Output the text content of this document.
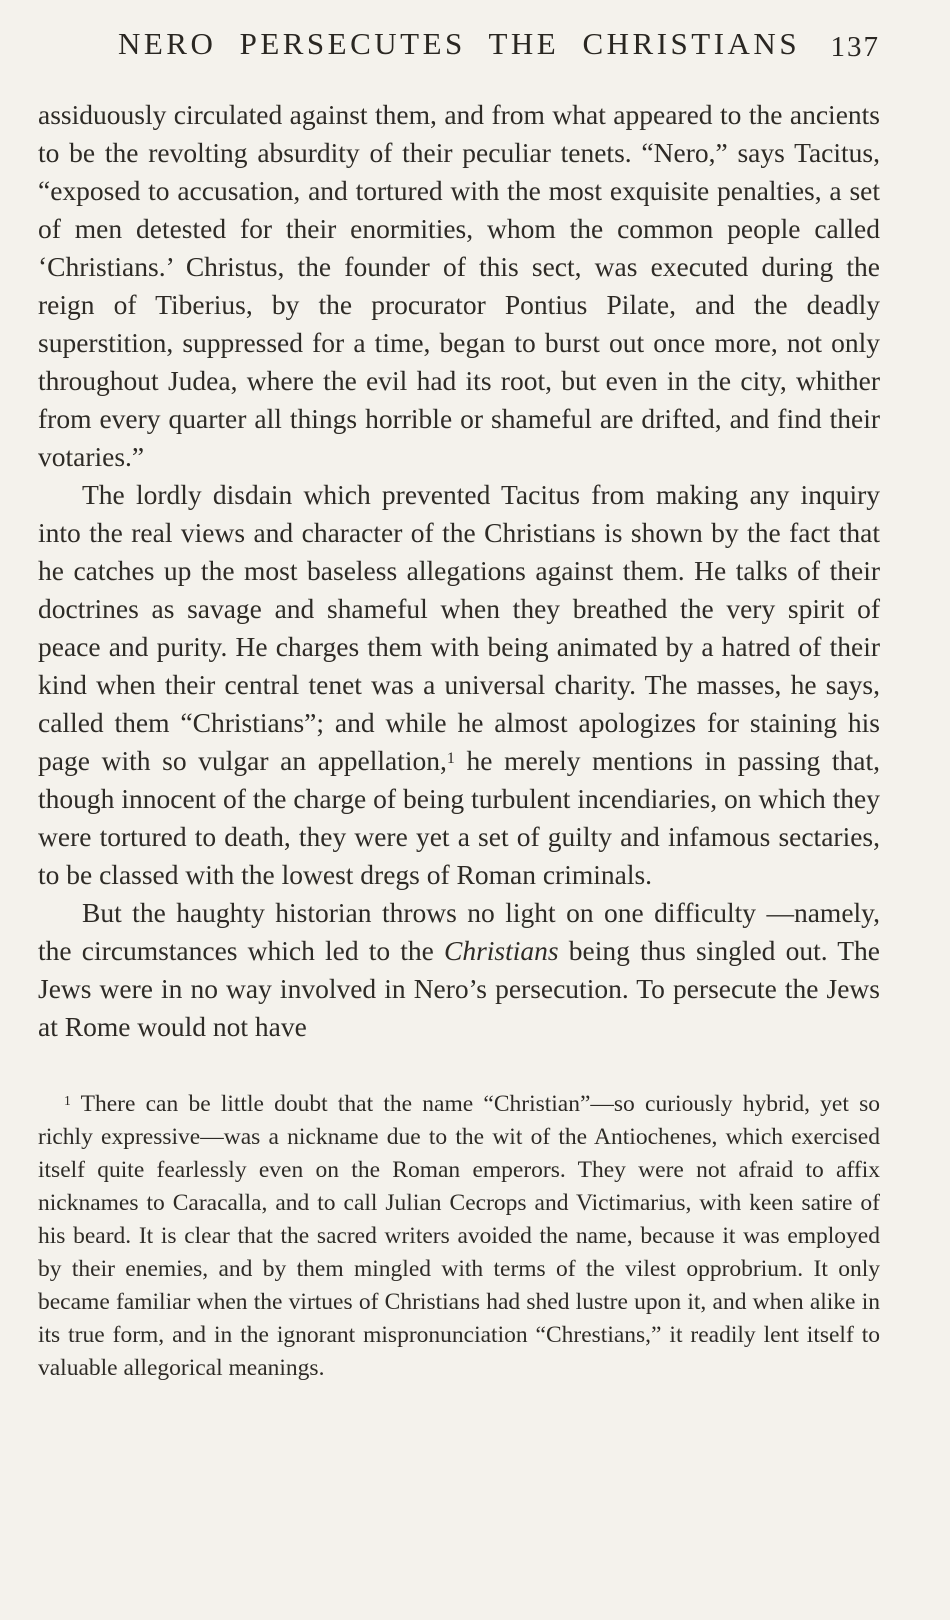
NERO PERSECUTES THE CHRISTIANS	137

assiduously circulated against them, and from what appeared to the ancients to be the revolting absurdity of their peculiar tenets. “Nero,” says Tacitus, “exposed to accusation, and tortured with the most exquisite penalties, a set of men detested for their enormities, whom the common people called ‘Christians.’ Christus, the founder of this sect, was executed during the reign of Tiberius, by the procurator Pontius Pilate, and the deadly superstition, suppressed for a time, began to burst out once more, not only throughout Judea, where the evil had its root, but even in the city, whither from every quarter all things horrible or shameful are drifted, and find their votaries.”

The lordly disdain which prevented Tacitus from making any inquiry into the real views and character of the Christians is shown by the fact that he catches up the most baseless allegations against them. He talks of their doctrines as savage and shameful when they breathed the very spirit of peace and purity. He charges them with being animated by a hatred of their kind when their central tenet was a universal charity. The masses, he says, called them “Christians”; and while he almost apologizes for staining his page with so vulgar an appellation,$^1$ he merely mentions in passing that, though innocent of the charge of being turbulent incendiaries, on which they were tortured to death, they were yet a set of guilty and infamous sectaries, to be classed with the lowest dregs of Roman criminals.

But the haughty historian throws no light on one difficulty —namely, the circumstances which led to the Christians being thus singled out. The Jews were in no way involved in Nero’s persecution. To persecute the Jews at Rome would not have

$^1$ There can be little doubt that the name “Christian”—so curiously hybrid, yet so richly expressive—was a nickname due to the wit of the Antiochenes, which exercised itself quite fearlessly even on the Roman emperors. They were not afraid to affix nicknames to Caracalla, and to call Julian Cecrops and Victimarius, with keen satire of his beard. It is clear that the sacred writers avoided the name, because it was employed by their enemies, and by them mingled with terms of the vilest opprobrium. It only became familiar when the virtues of Christians had shed lustre upon it, and when alike in its true form, and in the ignorant mispronunciation “Chrestians,” it readily lent itself to valuable allegorical meanings.
